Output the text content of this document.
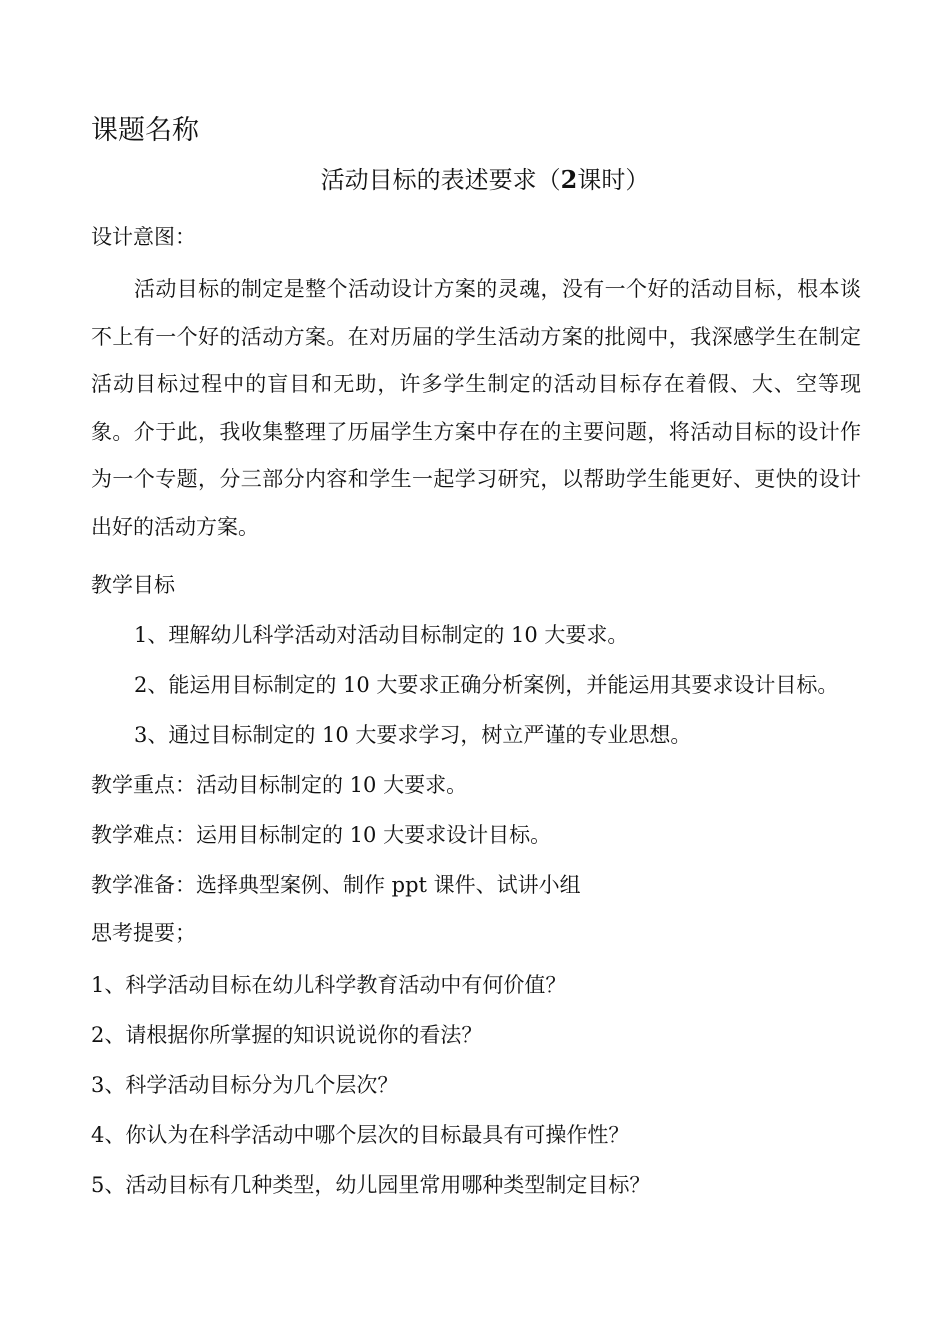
课题名称
活动目标的表述要求（2课时）
设计意图：
活动目标的制定是整个活动设计方案的灵魂，没有一个好的活动目标，根本谈不上有一个好的活动方案。在对历届的学生活动方案的批阅中，我深感学生在制定活动目标过程中的盲目和无助，许多学生制定的活动目标存在着假、大、空等现象。介于此，我收集整理了历届学生方案中存在的主要问题，将活动目标的设计作为一个专题，分三部分内容和学生一起学习研究，以帮助学生能更好、更快的设计出好的活动方案。
教学目标
1、理解幼儿科学活动对活动目标制定的 10 大要求。
2、能运用目标制定的 10 大要求正确分析案例，并能运用其要求设计目标。
3、通过目标制定的 10 大要求学习，树立严谨的专业思想。
教学重点：活动目标制定的 10 大要求。
教学难点：运用目标制定的 10 大要求设计目标。
教学准备：选择典型案例、制作 ppt 课件、试讲小组
思考提要；
1、科学活动目标在幼儿科学教育活动中有何价值？
2、请根据你所掌握的知识说说你的看法？
3、科学活动目标分为几个层次？
4、你认为在科学活动中哪个层次的目标最具有可操作性？
5、活动目标有几种类型，幼儿园里常用哪种类型制定目标？
